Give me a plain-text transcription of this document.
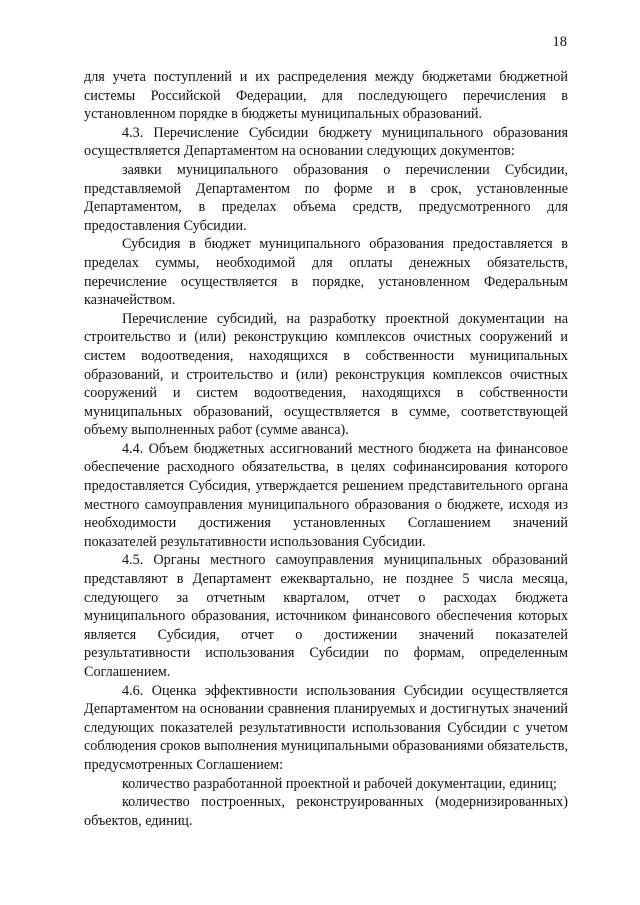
18

для учета поступлений и их распределения между бюджетами бюджетной системы Российской Федерации, для последующего перечисления в установленном порядке в бюджеты муниципальных образований.

4.3. Перечисление Субсидии бюджету муниципального образования осуществляется Департаментом на основании следующих документов:

заявки муниципального образования о перечислении Субсидии, представляемой Департаментом по форме и в срок, установленные Департаментом, в пределах объема средств, предусмотренного для предоставления Субсидии.

Субсидия в бюджет муниципального образования предоставляется в пределах суммы, необходимой для оплаты денежных обязательств, перечисление осуществляется в порядке, установленном Федеральным казначейством.

Перечисление субсидий, на разработку проектной документации на строительство и (или) реконструкцию комплексов очистных сооружений и систем водоотведения, находящихся в собственности муниципальных образований, и строительство и (или) реконструкция комплексов очистных сооружений и систем водоотведения, находящихся в собственности муниципальных образований, осуществляется в сумме, соответствующей объему выполненных работ (сумме аванса).

4.4. Объем бюджетных ассигнований местного бюджета на финансовое обеспечение расходного обязательства, в целях софинансирования которого предоставляется Субсидия, утверждается решением представительного органа местного самоуправления муниципального образования о бюджете, исходя из необходимости достижения установленных Соглашением значений показателей результативности использования Субсидии.

4.5. Органы местного самоуправления муниципальных образований представляют в Департамент ежеквартально, не позднее 5 числа месяца, следующего за отчетным кварталом, отчет о расходах бюджета муниципального образования, источником финансового обеспечения которых является Субсидия, отчет о достижении значений показателей результативности использования Субсидии по формам, определенным Соглашением.

4.6. Оценка эффективности использования Субсидии осуществляется Департаментом на основании сравнения планируемых и достигнутых значений следующих показателей результативности использования Субсидии с учетом соблюдения сроков выполнения муниципальными образованиями обязательств, предусмотренных Соглашением:

количество разработанной проектной и рабочей документации, единиц;

количество построенных, реконструированных (модернизированных) объектов, единиц.
